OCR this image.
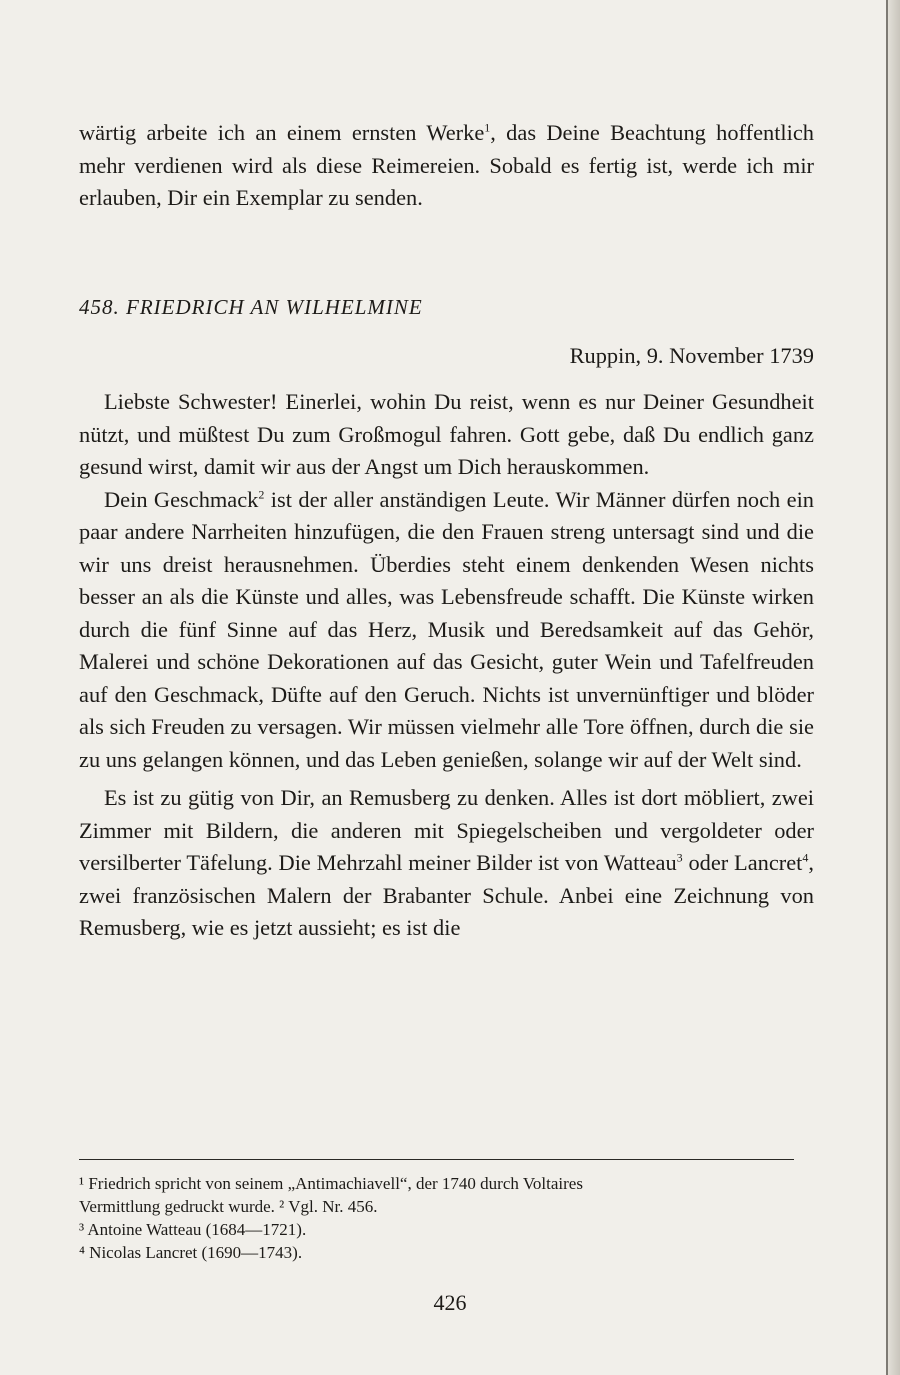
wärtig arbeite ich an einem ernsten Werke$^1$, das Deine Beachtung hoffentlich mehr verdienen wird als diese Reimereien. Sobald es fertig ist, werde ich mir erlauben, Dir ein Exemplar zu senden.

458. FRIEDRICH AN WILHELMINE

Ruppin, 9. November 1739

Liebste Schwester! Einerlei, wohin Du reist, wenn es nur Deiner Gesundheit nützt, und müßtest Du zum Großmogul fahren. Gott gebe, daß Du endlich ganz gesund wirst, damit wir aus der Angst um Dich herauskommen.

Dein Geschmack$^2$ ist der aller anständigen Leute. Wir Männer dürfen noch ein paar andere Narrheiten hinzufügen, die den Frauen streng untersagt sind und die wir uns dreist herausnehmen. Überdies steht einem denkenden Wesen nichts besser an als die Künste und alles, was Lebensfreude schafft. Die Künste wirken durch die fünf Sinne auf das Herz, Musik und Beredsamkeit auf das Gehör, Malerei und schöne Dekorationen auf das Gesicht, guter Wein und Tafelfreuden auf den Geschmack, Düfte auf den Geruch. Nichts ist unvernünftiger und blöder als sich Freuden zu versagen. Wir müssen vielmehr alle Tore öffnen, durch die sie zu uns gelangen können, und das Leben genießen, solange wir auf der Welt sind.

Es ist zu gütig von Dir, an Remusberg zu denken. Alles ist dort möbliert, zwei Zimmer mit Bildern, die anderen mit Spiegelscheiben und vergoldeter oder versilberter Täfelung. Die Mehrzahl meiner Bilder ist von Watteau$^3$ oder Lancret$^4$, zwei französischen Malern der Brabanter Schule. Anbei eine Zeichnung von Remusberg, wie es jetzt aussieht; es ist die

¹ Friedrich spricht von seinem „Antimachiavell“, der 1740 durch Voltaires

Vermittlung gedruckt wurde. ² Vgl. Nr. 456.

³ Antoine Watteau (1684—1721).

⁴ Nicolas Lancret (1690—1743).

426
